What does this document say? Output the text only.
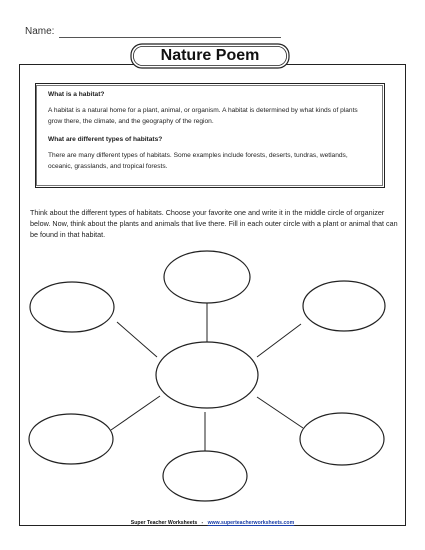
Name:
Nature Poem

What is a habitat?

A habitat is a natural home for a plant, animal, or organism. A habitat is determined by what kinds of plants grow there, the climate, and the geography of the region.

What are different types of habitats?

There are many different types of habitats. Some examples include forests, deserts, tundras, wetlands, oceanic, grasslands, and tropical forests.

Think about the different types of habitats. Choose your favorite one and write it in the middle circle of organizer below. Now, think about the plants and animals that live there. Fill in each outer circle with a plant or animal that can be found in that habitat.

Super Teacher Worksheets - www.superteacherworksheets.com
